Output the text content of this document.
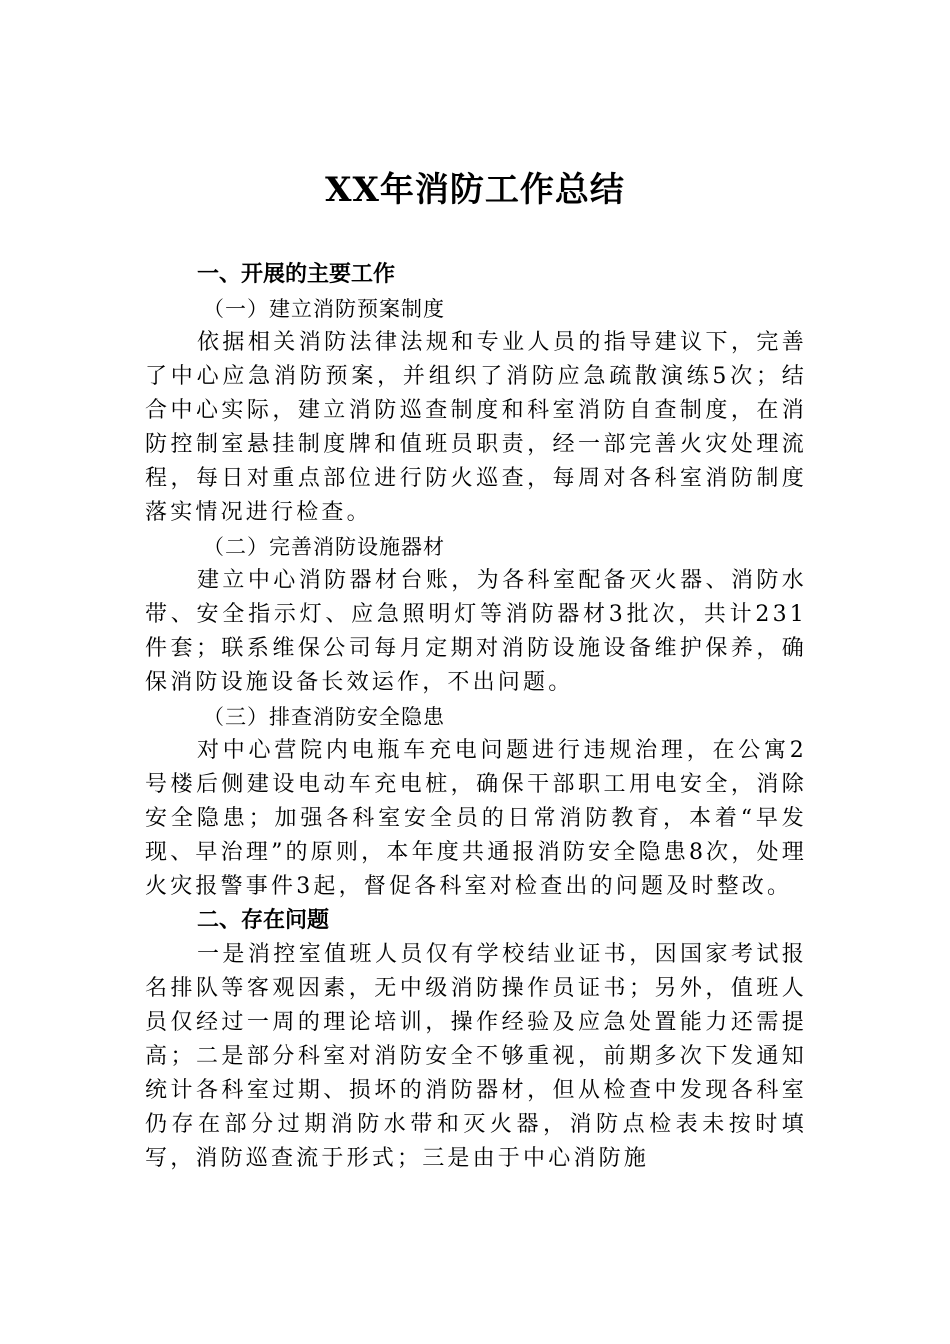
XX年消防工作总结

一、开展的主要工作

（一）建立消防预案制度

依据相关消防法律法规和专业人员的指导建议下，完善了中心应急消防预案，并组织了消防应急疏散演练5次；结合中心实际，建立消防巡查制度和科室消防自查制度，在消防控制室悬挂制度牌和值班员职责，经一部完善火灾处理流程，每日对重点部位进行防火巡查，每周对各科室消防制度落实情况进行检查。

（二）完善消防设施器材

建立中心消防器材台账，为各科室配备灭火器、消防水带、安全指示灯、应急照明灯等消防器材3批次，共计231件套；联系维保公司每月定期对消防设施设备维护保养，确保消防设施设备长效运作，不出问题。

（三）排查消防安全隐患

对中心营院内电瓶车充电问题进行违规治理，在公寓2号楼后侧建设电动车充电桩，确保干部职工用电安全，消除安全隐患；加强各科室安全员的日常消防教育，本着“早发现、早治理”的原则，本年度共通报消防安全隐患8次，处理火灾报警事件3起，督促各科室对检查出的问题及时整改。

二、存在问题

一是消控室值班人员仅有学校结业证书，因国家考试报名排队等客观因素，无中级消防操作员证书；另外，值班人员仅经过一周的理论培训，操作经验及应急处置能力还需提高；二是部分科室对消防安全不够重视，前期多次下发通知统计各科室过期、损坏的消防器材，但从检查中发现各科室仍存在部分过期消防水带和灭火器，消防点检表未按时填写，消防巡查流于形式；三是由于中心消防施
